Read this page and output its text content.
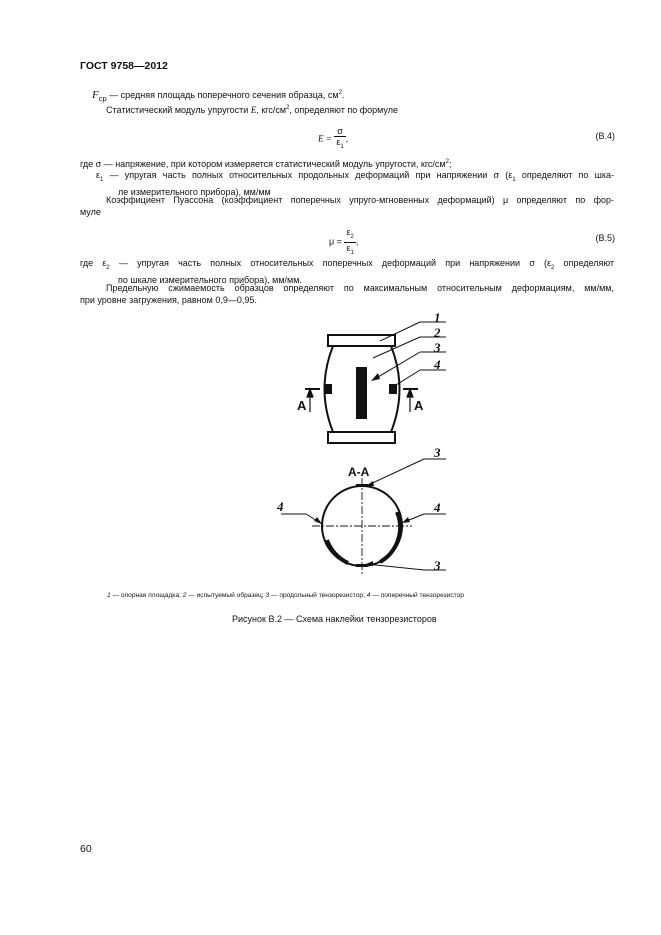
ГОСТ 9758—2012
$F_{ср}$ — средняя площадь поперечного сечения образца, $см^2$.
Статистический модуль упругости E, кгс/$см^2$, определяют по формуле
$E = \frac{\sigma}{\varepsilon_1}$ ,	(В.4)
где σ — напряжение, при котором измеряется статистический модуль упругости, кгс/$см^2$;
$\varepsilon_1$ — упругая часть полных относительных продольных деформаций при напряжении σ ($\varepsilon_1$ определяют по шка-
ле измерительного прибора), мм/мм
Коэффициент Пуассона (коэффициент поперечных упруго-мгновенных деформаций) μ определяют по фор-
муле
$\mu = \frac{\varepsilon_2}{\varepsilon_1}$ ,	(В.5)
где $\varepsilon_2$ — упругая часть полных относительных поперечных деформаций при напряжении σ ($\varepsilon_2$ определяют
по шкале измерительного прибора), мм/мм.
Предельную сжимаемость образцов определяют по максимальным относительным деформациям, мм/мм,
при уровне загружения, равном 0,9—0,95.
1
2
3
4
А	А
А-А
3
4	4
3
1 — опорная площадка; 2 — испытуемый образец; 3 — продольный тензорезистор; 4 — поперечный тензорезистор
Рисунок В.2 — Схема наклейки тензорезисторов
60
